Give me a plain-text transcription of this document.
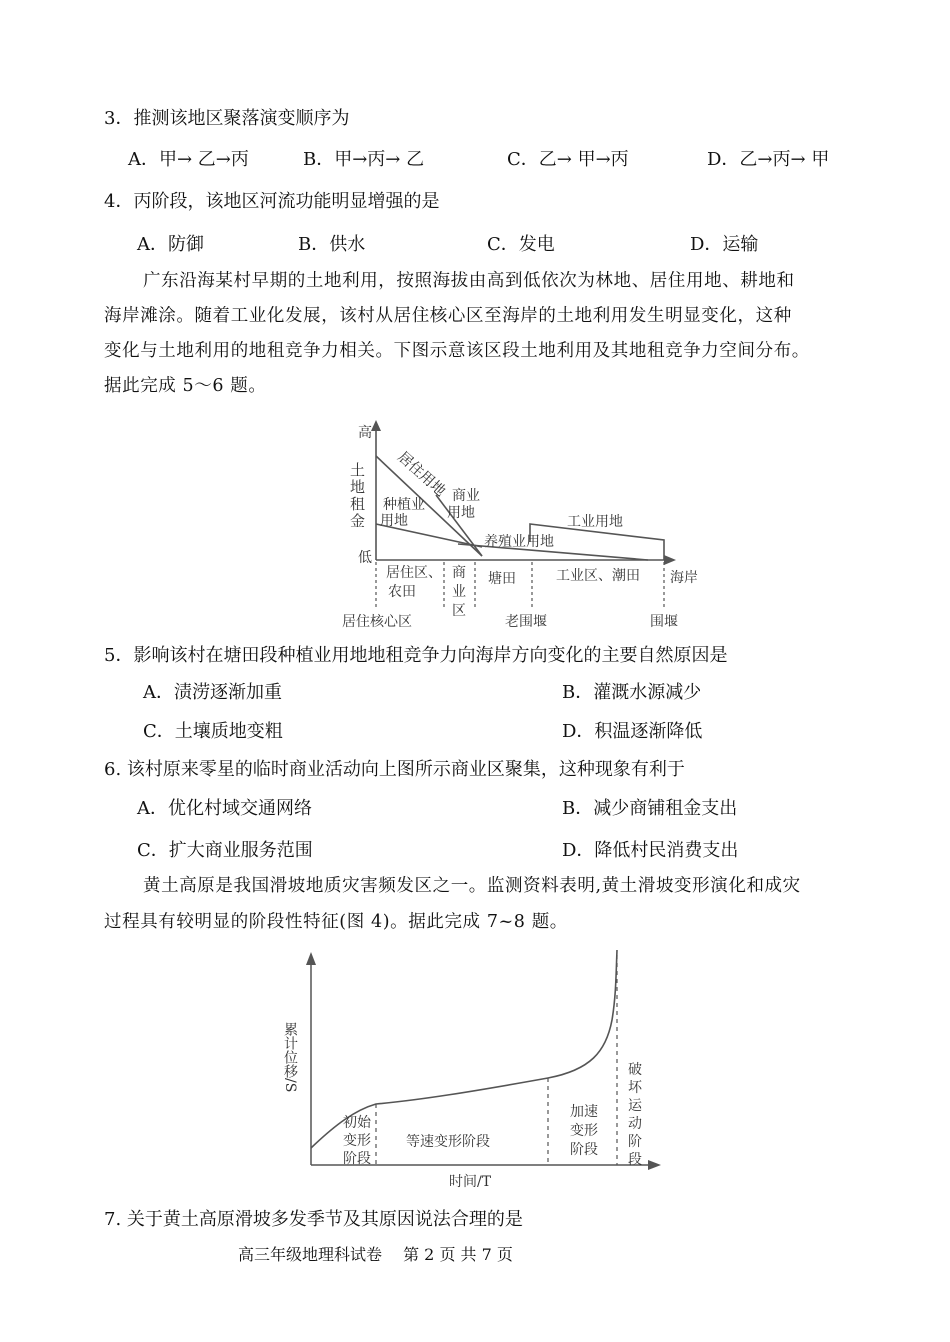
3．推测该地区聚落演变顺序为
A．甲→ 乙→丙	B．甲→丙→ 乙	C．乙→ 甲→丙	D．乙→丙→ 甲
4．丙阶段，该地区河流功能明显增强的是
A．防御	B．供水	C．发电	D．运输
广东沿海某村早期的土地利用，按照海拔由高到低依次为林地、居住用地、耕地和
海岸滩涂。随着工业化发展，该村从居住核心区至海岸的土地利用发生明显变化，这种
变化与土地利用的地租竞争力相关。下图示意该区段土地利用及其地租竞争力空间分布。
据此完成 5～6 题。
高
低
土地租金 居住用地
种植业
用地
商业
用地
养殖业用地
工业用地
居住区、
农田
商
业
区
塘田	工业区、潮田 海岸
居住核心区	老围堰	围堰
5．影响该村在塘田段种植业用地地租竞争力向海岸方向变化的主要自然原因是
A．渍涝逐渐加重	B．灌溉水源减少
C．土壤质地变粗	D．积温逐渐降低
6. 该村原来零星的临时商业活动向上图所示商业区聚集，这种现象有利于
A．优化村域交通网络	B．减少商铺租金支出
C．扩大商业服务范围	D．降低村民消费支出
黄土高原是我国滑坡地质灾害频发区之一。监测资料表明,黄土滑坡变形演化和成灾
过程具有较明显的阶段性特征(图 4)。据此完成 7~8 题。
累计位移/S
时间/T
初始
变形
阶段
等速变形阶段
加速
变形
阶段
破
坏
运
动
阶
段
7. 关于黄土高原滑坡多发季节及其原因说法合理的是
高三年级地理科试卷　 第 2 页 共 7 页
